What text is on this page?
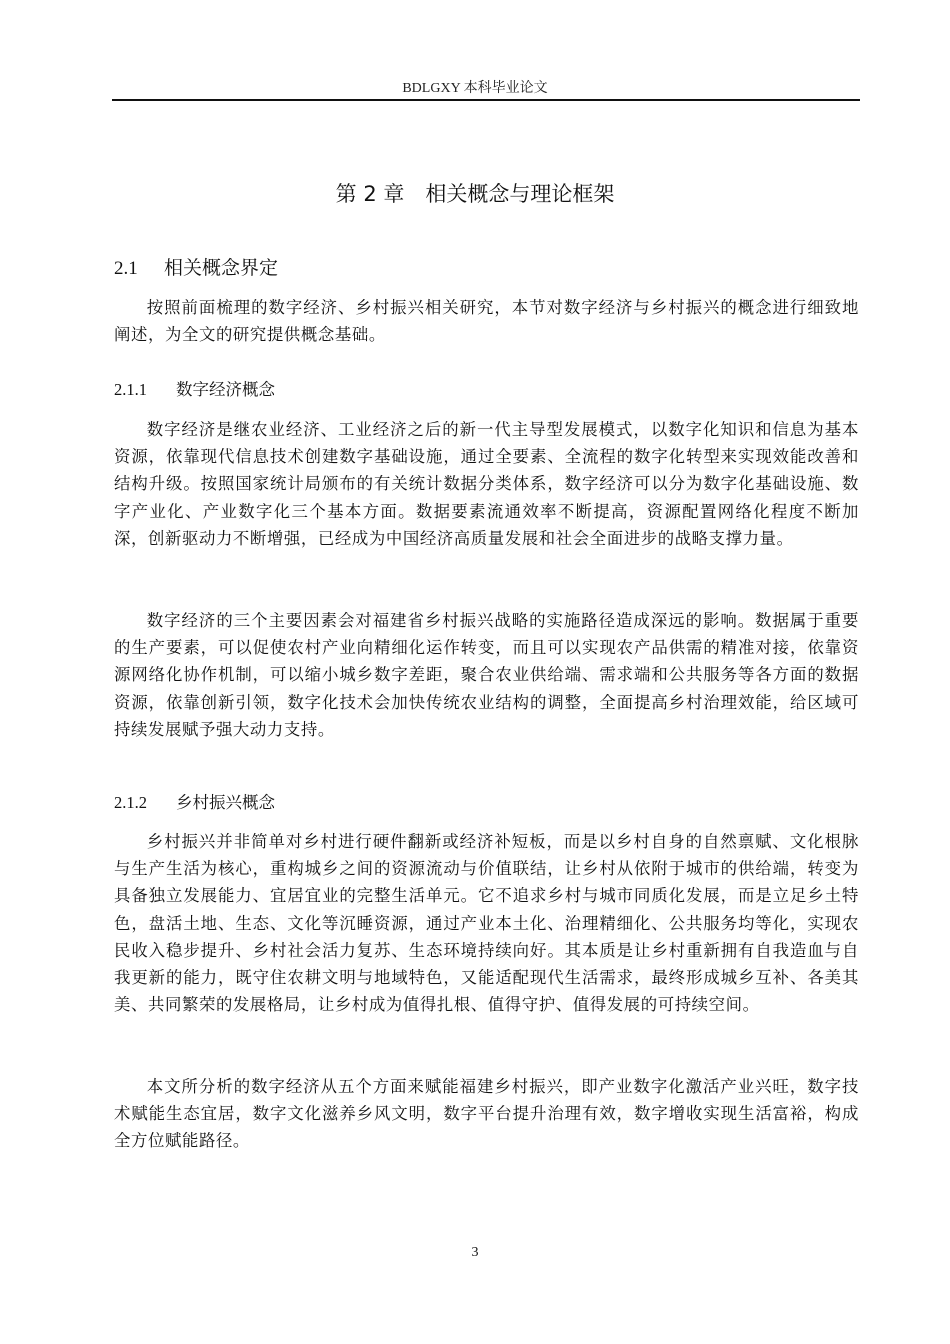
BDLGXY 本科毕业论文
第 2 章　相关概念与理论框架
2.1 相关概念界定

按照前面梳理的数字经济、乡村振兴相关研究，本节对数字经济与乡村振兴的概念进行细致地阐述，为全文的研究提供概念基础。

2.1.1 数字经济概念

数字经济是继农业经济、工业经济之后的新一代主导型发展模式，以数字化知识和信息为基本资源，依靠现代信息技术创建数字基础设施，通过全要素、全流程的数字化转型来实现效能改善和结构升级。按照国家统计局颁布的有关统计数据分类体系，数字经济可以分为数字化基础设施、数字产业化、产业数字化三个基本方面。数据要素流通效率不断提高，资源配置网络化程度不断加深，创新驱动力不断增强，已经成为中国经济高质量发展和社会全面进步的战略支撑力量。

数字经济的三个主要因素会对福建省乡村振兴战略的实施路径造成深远的影响。数据属于重要的生产要素，可以促使农村产业向精细化运作转变，而且可以实现农产品供需的精准对接，依靠资源网络化协作机制，可以缩小城乡数字差距，聚合农业供给端、需求端和公共服务等各方面的数据资源，依靠创新引领，数字化技术会加快传统农业结构的调整，全面提高乡村治理效能，给区域可持续发展赋予强大动力支持。

2.1.2 乡村振兴概念

乡村振兴并非简单对乡村进行硬件翻新或经济补短板，而是以乡村自身的自然禀赋、文化根脉与生产生活为核心，重构城乡之间的资源流动与价值联结，让乡村从依附于城市的供给端，转变为具备独立发展能力、宜居宜业的完整生活单元。它不追求乡村与城市同质化发展，而是立足乡土特色，盘活土地、生态、文化等沉睡资源，通过产业本土化、治理精细化、公共服务均等化，实现农民收入稳步提升、乡村社会活力复苏、生态环境持续向好。其本质是让乡村重新拥有自我造血与自我更新的能力，既守住农耕文明与地域特色，又能适配现代生活需求，最终形成城乡互补、各美其美、共同繁荣的发展格局，让乡村成为值得扎根、值得守护、值得发展的可持续空间。

本文所分析的数字经济从五个方面来赋能福建乡村振兴，即产业数字化激活产业兴旺，数字技术赋能生态宜居，数字文化滋养乡风文明，数字平台提升治理有效，数字增收实现生活富裕，构成全方位赋能路径。

3
